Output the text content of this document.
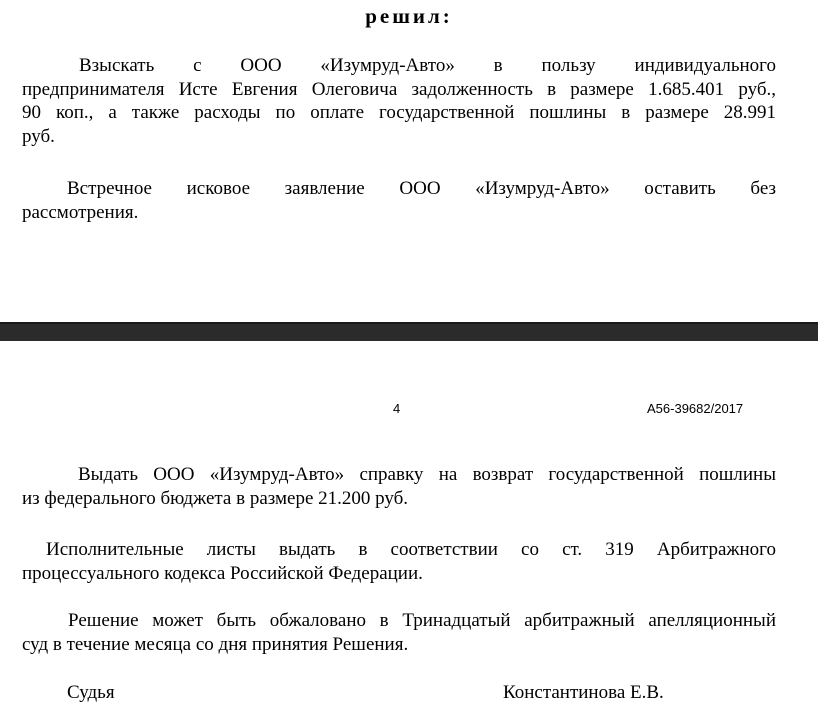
решил:
Взыскать с ООО «Изумруд-Авто» в пользу индивидуального
предпринимателя Исте Евгения Олеговича задолженность в размере 1.685.401 руб.,
90 коп., а также расходы по оплате государственной пошлины в размере 28.991
руб.
Встречное исковое заявление ООО «Изумруд-Авто» оставить без
рассмотрения.
4	А56-39682/2017
Выдать ООО «Изумруд-Авто» справку на возврат государственной пошлины
из федерального бюджета в размере 21.200 руб.
Исполнительные листы выдать в соответствии со ст. 319 Арбитражного
процессуального кодекса Российской Федерации.
Решение может быть обжаловано в Тринадцатый арбитражный апелляционный
суд в течение месяца со дня принятия Решения.
Судья	Константинова Е.В.
